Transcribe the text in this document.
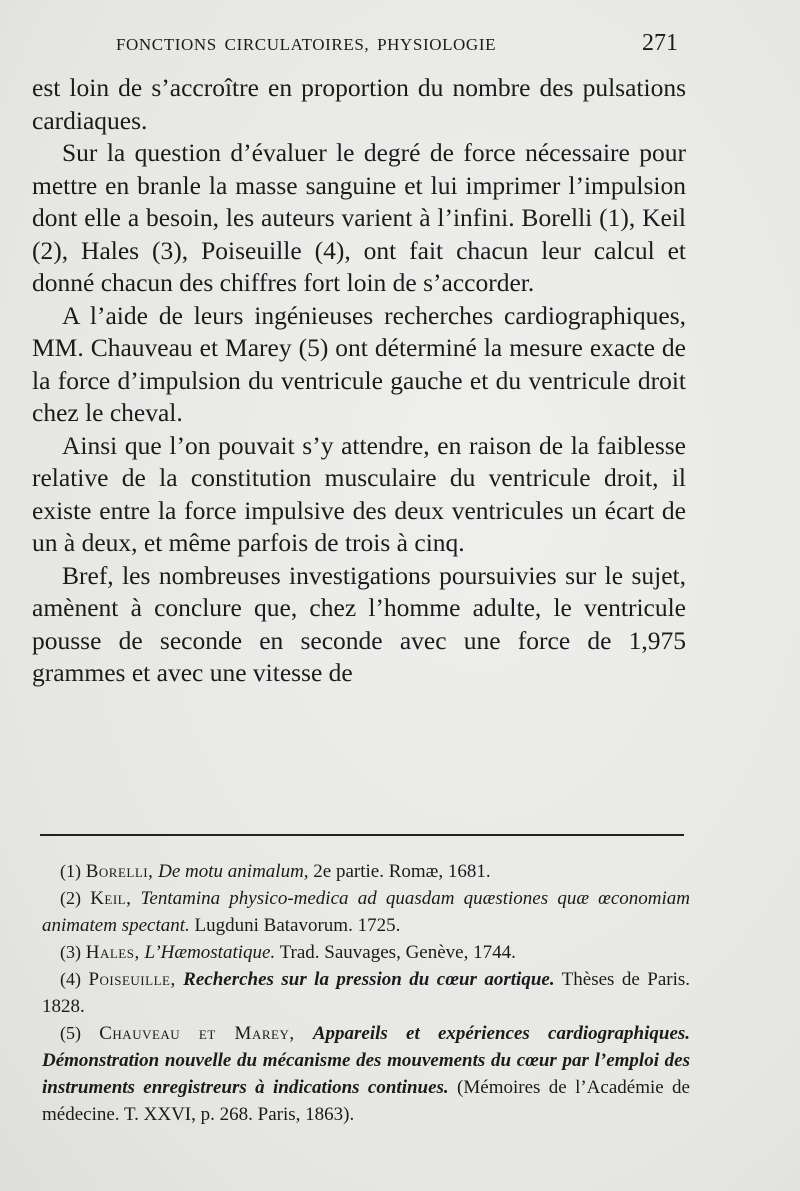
FONCTIONS CIRCULATOIRES, PHYSIOLOGIE	271

est loin de s’accroître en proportion du nombre des pulsations cardiaques.

Sur la question d’évaluer le degré de force nécessaire pour mettre en branle la masse sanguine et lui imprimer l’impulsion dont elle a besoin, les auteurs varient à l’infini. Borelli (1), Keil (2), Hales (3), Poiseuille (4), ont fait chacun leur calcul et donné chacun des chiffres fort loin de s’accorder.

A l’aide de leurs ingénieuses recherches cardiographiques, MM. Chauveau et Marey (5) ont déterminé la mesure exacte de la force d’impulsion du ventricule gauche et du ventricule droit chez le cheval.

Ainsi que l’on pouvait s’y attendre, en raison de la faiblesse relative de la constitution musculaire du ventricule droit, il existe entre la force impulsive des deux ventricules un écart de un à deux, et même parfois de trois à cinq.

Bref, les nombreuses investigations poursuivies sur le sujet, amènent à conclure que, chez l’homme adulte, le ventricule pousse de seconde en seconde avec une force de 1,975 grammes et avec une vitesse de

(1) Borelli, De motu animalum, 2e partie. Romæ, 1681.

(2) Keil, Tentamina physico-medica ad quasdam quæstiones quæ œconomiam animatem spectant. Lugduni Batavorum. 1725.

(3) Hales, L’Hæmostatique. Trad. Sauvages, Genève, 1744.

(4) Poiseuille, Recherches sur la pression du cœur aortique. Thèses de Paris. 1828.

(5) Chauveau et Marey, Appareils et expériences cardiographiques. Démonstration nouvelle du mécanisme des mouvements du cœur par l’emploi des instruments enregistreurs à indications continues. (Mémoires de l’Académie de médecine. T. XXVI, p. 268. Paris, 1863).
